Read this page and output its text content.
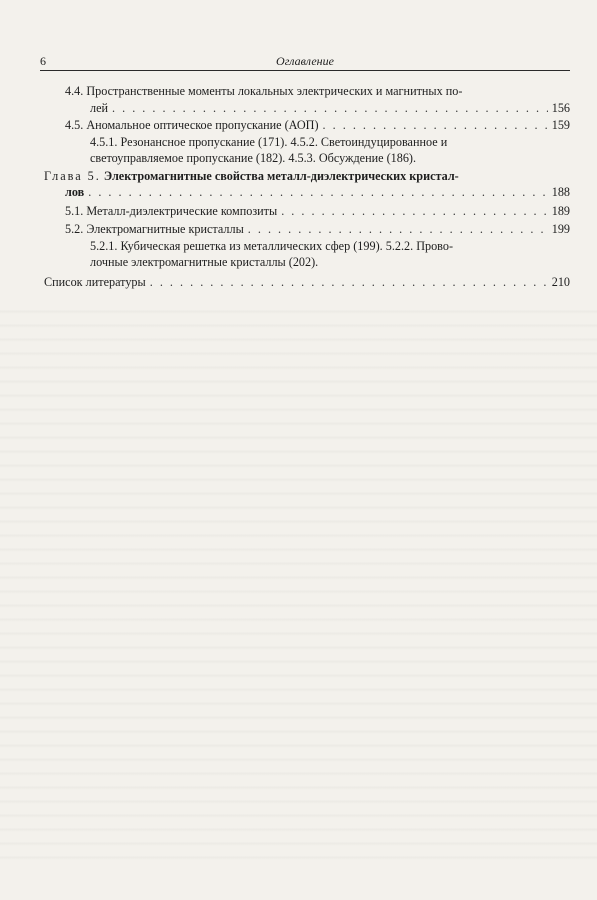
6	Оглавление
4.4. Пространственные моменты локальных электрических и магнитных по-
лей . . .	156
4.5. Аномальное оптическое пропускание (АОП) . . .	159
4.5.1. Резонансное пропускание (171). 4.5.2. Светоиндуцированное и
светоуправляемое пропускание (182). 4.5.3. Обсуждение (186).
Глава 5. Электромагнитные свойства металл-диэлектрических кристал-
лов . . .	188
5.1. Металл-диэлектрические композиты . . .	189
5.2. Электромагнитные кристаллы . . .	199
5.2.1. Кубическая решетка из металлических сфер (199). 5.2.2. Прово-
лочные электромагнитные кристаллы (202).
Список литературы . . .	210
